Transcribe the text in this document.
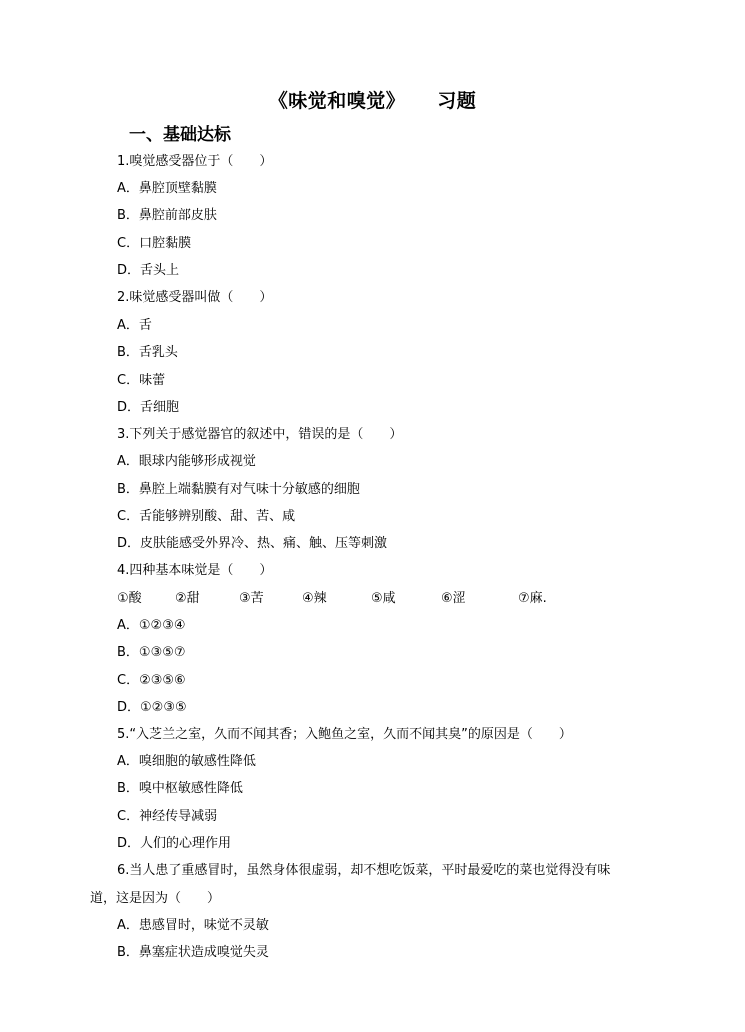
《味觉和嗅觉》 习题
一、基础达标
1.嗅觉感受器位于（　　）
A．鼻腔顶壁黏膜
B．鼻腔前部皮肤
C．口腔黏膜
D．舌头上
2.味觉感受器叫做（　　）
A．舌
B．舌乳头
C．味蕾
D．舌细胞
3.下列关于感觉器官的叙述中，错误的是（　　）
A．眼球内能够形成视觉
B．鼻腔上端黏膜有对气味十分敏感的细胞
C．舌能够辨别酸、甜、苦、咸
D．皮肤能感受外界冷、热、痛、触、压等刺激
4.四种基本味觉是（　　）
①酸	②甜	③苦	④辣	⑤咸	⑥涩	⑦麻.
A．①②③④
B．①③⑤⑦
C．②③⑤⑥
D．①②③⑤
5.“入芝兰之室，久而不闻其香；入鲍鱼之室，久而不闻其臭”的原因是（　　）
A．嗅细胞的敏感性降低
B．嗅中枢敏感性降低
C．神经传导减弱
D．人们的心理作用
6.当人患了重感冒时，虽然身体很虚弱，却不想吃饭菜，平时最爱吃的菜也觉得没有味
道，这是因为（　　）
A．患感冒时，味觉不灵敏
B．鼻塞症状造成嗅觉失灵
